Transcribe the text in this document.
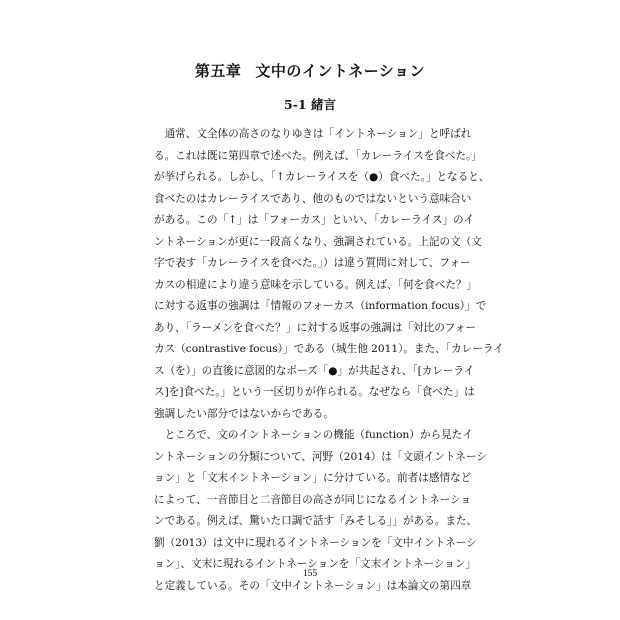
第五章 文中のイントネーション
5-1 緒言
通常、文全体の高さのなりゆきは「イントネーション」と呼ばれ
る。これは既に第四章で述べた。例えば、「カレーライスを食べた。」
が挙げられる。しかし、「↑カレーライスを（●）食べた。」となると、
食べたのはカレーライスであり、他のものではないという意味合い
がある。この「↑」は「フォーカス」といい、「カレーライス」のイ
ントネーションが更に一段高くなり、強調されている。上記の文（文
字で表す「カレーライスを食べた。」）は違う質問に対して、フォー
カスの相違により違う意味を示している。例えば、「何を食べた？」
に対する返事の強調は「情報のフォーカス（information focus）」で
あり、「ラーメンを食べた？」に対する返事の強調は「対比のフォー
カス（contrastive focus）」である（城生他 2011）。また、「カレーライ
ス（を）」の直後に意図的なポーズ「●」が共起され、「[カレーライ
ス]を]食べた。」という一区切りが作られる。なぜなら「食べた」は
強調したい部分ではないからである。
ところで、文のイントネーションの機能（function）から見たイ
ントネーションの分類について、河野（2014）は「文頭イントネーシ
ョン」と「文末イントネーション」に分けている。前者は感情など
によって、一音節目と二音節目の高さが同じになるイントネーショ
ンである。例えば、驚いた口調で話す「みそしる」」がある。また、
劉（2013）は文中に現れるイントネーションを「文中イントネーシ
ョン」、文末に現れるイントネーションを「文末イントネーション」
と定義している。その「文中イントネーション」は本論文の第四章
155
